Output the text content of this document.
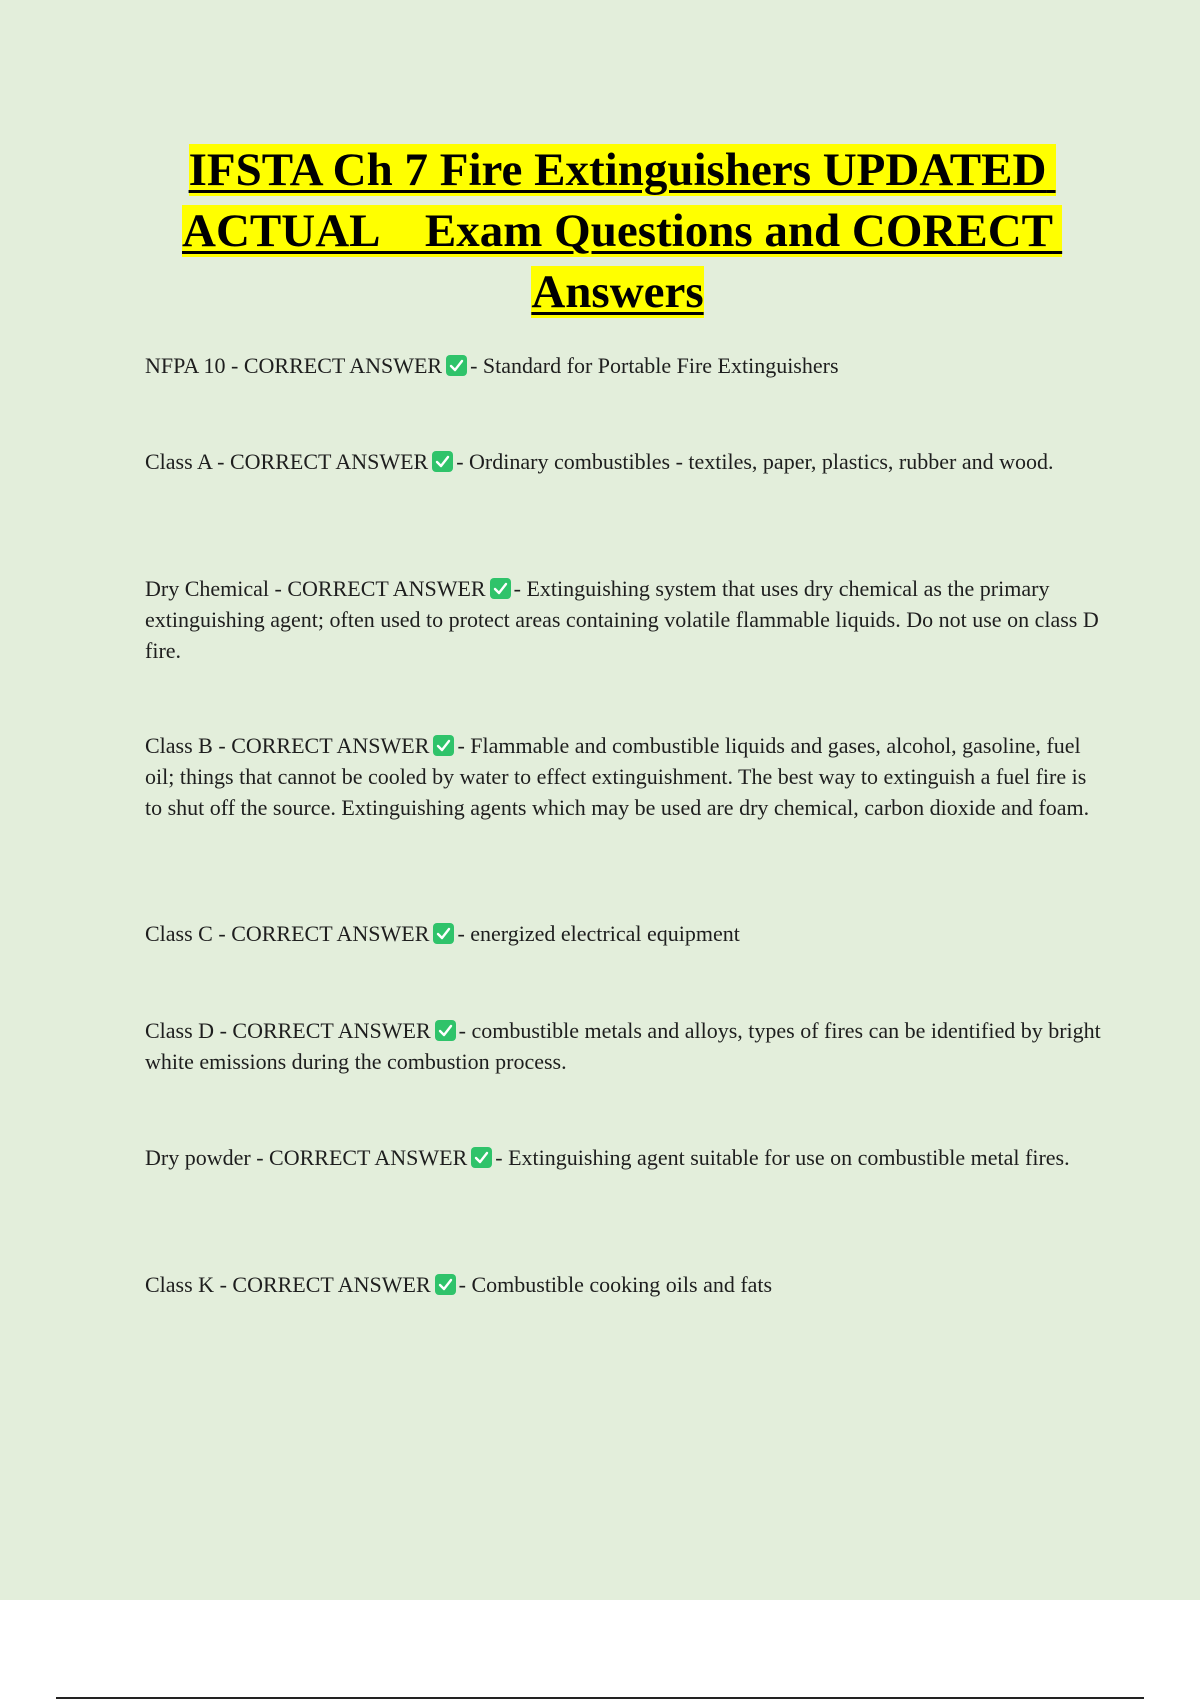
IFSTA Ch 7 Fire Extinguishers UPDATED ACTUAL    Exam Questions and CORECT Answers

NFPA 10 - CORRECT ANSWER - Standard for Portable Fire Extinguishers

Class A - CORRECT ANSWER - Ordinary combustibles - textiles, paper, plastics, rubber and wood.

Dry Chemical - CORRECT ANSWER - Extinguishing system that uses dry chemical as the primary extinguishing agent; often used to protect areas containing volatile flammable liquids. Do not use on class D fire.

Class B - CORRECT ANSWER - Flammable and combustible liquids and gases, alcohol, gasoline, fuel oil; things that cannot be cooled by water to effect extinguishment. The best way to extinguish a fuel fire is to shut off the source. Extinguishing agents which may be used are dry chemical, carbon dioxide and foam.

Class C - CORRECT ANSWER - energized electrical equipment

Class D - CORRECT ANSWER - combustible metals and alloys, types of fires can be identified by bright white emissions during the combustion process.

Dry powder - CORRECT ANSWER - Extinguishing agent suitable for use on combustible metal fires.

Class K - CORRECT ANSWER - Combustible cooking oils and fats
